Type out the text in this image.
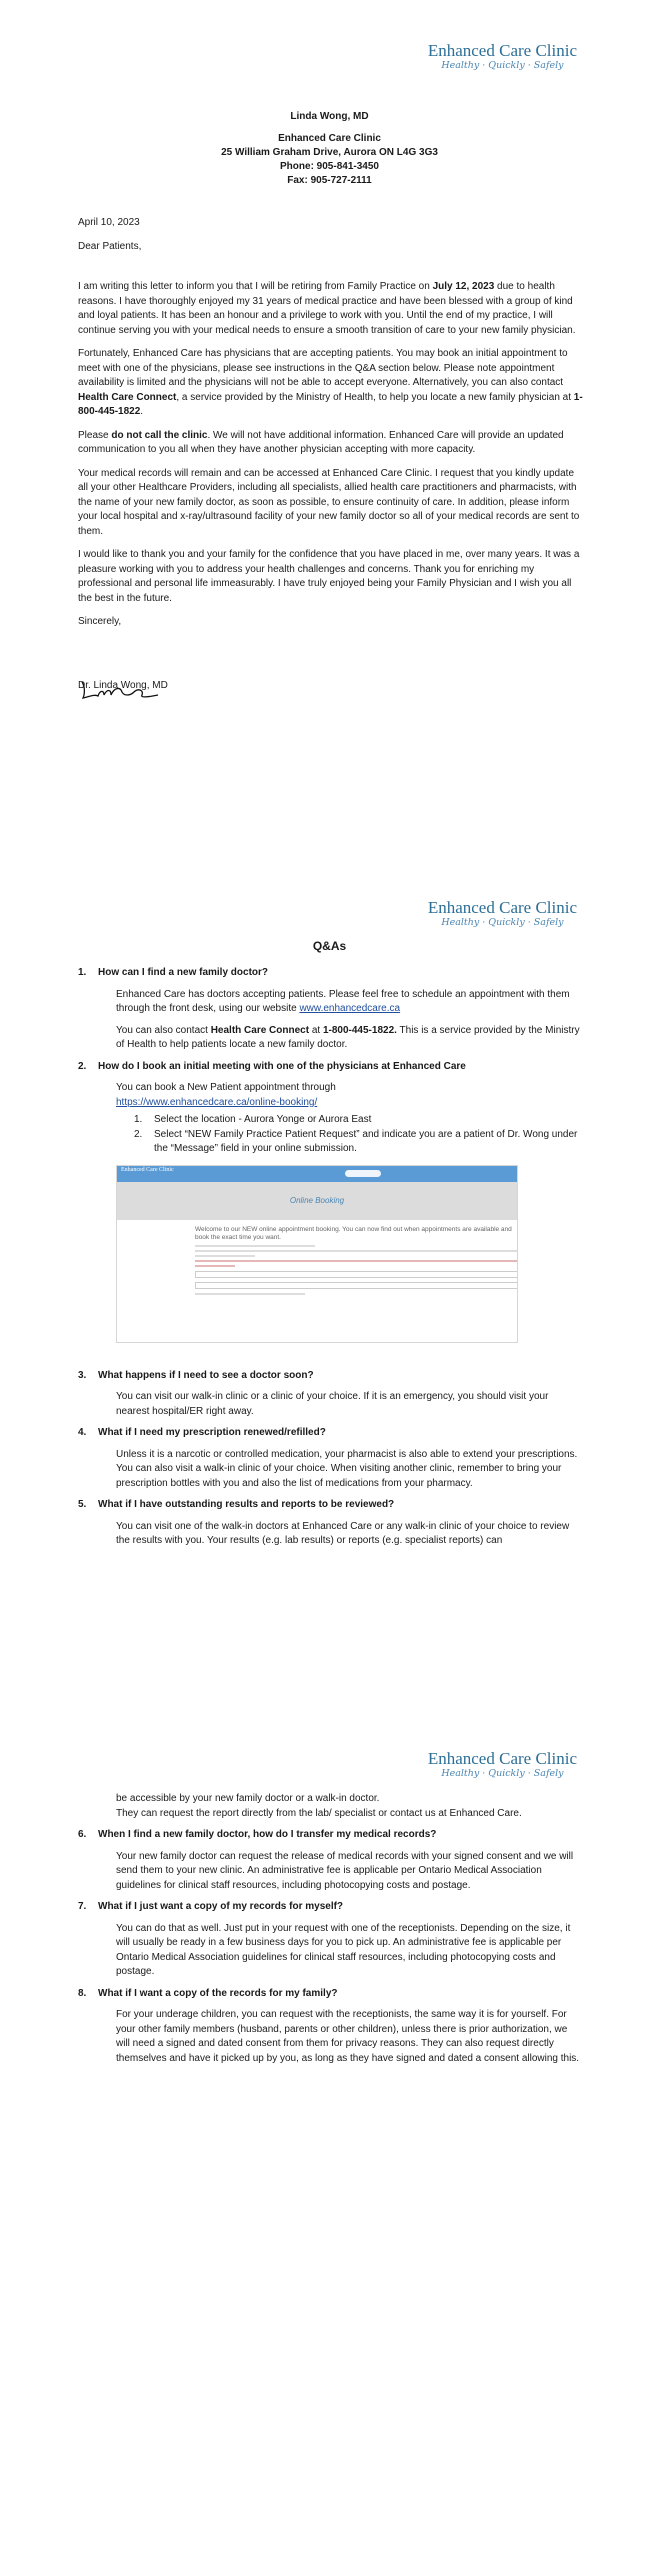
Enhanced Care Clinic
Healthy · Quickly · Safely
Linda Wong, MD
Enhanced Care Clinic
25 William Graham Drive, Aurora ON L4G 3G3
Phone: 905-841-3450
Fax: 905-727-2111

April 10, 2023

Dear Patients,

I am writing this letter to inform you that I will be retiring from Family Practice on July 12, 2023 due to health reasons. I have thoroughly enjoyed my 31 years of medical practice and have been blessed with a group of kind and loyal patients. It has been an honour and a privilege to work with you. Until the end of my practice, I will continue serving you with your medical needs to ensure a smooth transition of care to your new family physician.

Fortunately, Enhanced Care has physicians that are accepting patients. You may book an initial appointment to meet with one of the physicians, please see instructions in the Q&A section below. Please note appointment availability is limited and the physicians will not be able to accept everyone. Alternatively, you can also contact Health Care Connect, a service provided by the Ministry of Health, to help you locate a new family physician at 1-800-445-1822.

Please do not call the clinic. We will not have additional information. Enhanced Care will provide an updated communication to you all when they have another physician accepting with more capacity.

Your medical records will remain and can be accessed at Enhanced Care Clinic. I request that you kindly update all your other Healthcare Providers, including all specialists, allied health care practitioners and pharmacists, with the name of your new family doctor, as soon as possible, to ensure continuity of care. In addition, please inform your local hospital and x-ray/ultrasound facility of your new family doctor so all of your medical records are sent to them.

I would like to thank you and your family for the confidence that you have placed in me, over many years. It was a pleasure working with you to address your health challenges and concerns. Thank you for enriching my professional and personal life immeasurably. I have truly enjoyed being your Family Physician and I wish you all the best in the future.

Sincerely,

Dr. Linda Wong, MD

Enhanced Care Clinic
Healthy · Quickly · Safely
Q&As
1. How can I find a new family doctor?
Enhanced Care has doctors accepting patients. Please feel free to schedule an appointment with them through the front desk, using our website www.enhancedcare.ca
You can also contact Health Care Connect at 1-800-445-1822. This is a service provided by the Ministry of Health to help patients locate a new family doctor.
2. How do I book an initial meeting with one of the physicians at Enhanced Care
You can book a New Patient appointment through
https://www.enhancedcare.ca/online-booking/
1. Select the location - Aurora Yonge or Aurora East
2. Select “NEW Family Practice Patient Request” and indicate you are a patient of Dr. Wong under the “Message” field in your online submission.
Enhanced Care Clinic
Online Booking
Welcome to our NEW online appointment booking. You can now find out when appointments are available and book the exact time you want.
3. What happens if I need to see a doctor soon?
You can visit our walk-in clinic or a clinic of your choice. If it is an emergency, you should visit your nearest hospital/ER right away.
4. What if I need my prescription renewed/refilled?
Unless it is a narcotic or controlled medication, your pharmacist is also able to extend your prescriptions. You can also visit a walk-in clinic of your choice. When visiting another clinic, remember to bring your prescription bottles with you and also the list of medications from your pharmacy.
5. What if I have outstanding results and reports to be reviewed?
You can visit one of the walk-in doctors at Enhanced Care or any walk-in clinic of your choice to review the results with you. Your results (e.g. lab results) or reports (e.g. specialist reports) can
Enhanced Care Clinic
Healthy · Quickly · Safely
be accessible by your new family doctor or a walk-in doctor.
They can request the report directly from the lab/ specialist or contact us at Enhanced Care.
6. When I find a new family doctor, how do I transfer my medical records?
Your new family doctor can request the release of medical records with your signed consent and we will send them to your new clinic. An administrative fee is applicable per Ontario Medical Association guidelines for clinical staff resources, including photocopying costs and postage.
7. What if I just want a copy of my records for myself?
You can do that as well. Just put in your request with one of the receptionists. Depending on the size, it will usually be ready in a few business days for you to pick up. An administrative fee is applicable per Ontario Medical Association guidelines for clinical staff resources, including photocopying costs and postage.
8. What if I want a copy of the records for my family?
For your underage children, you can request with the receptionists, the same way it is for yourself. For your other family members (husband, parents or other children), unless there is prior authorization, we will need a signed and dated consent from them for privacy reasons. They can also request directly themselves and have it picked up by you, as long as they have signed and dated a consent allowing this.
